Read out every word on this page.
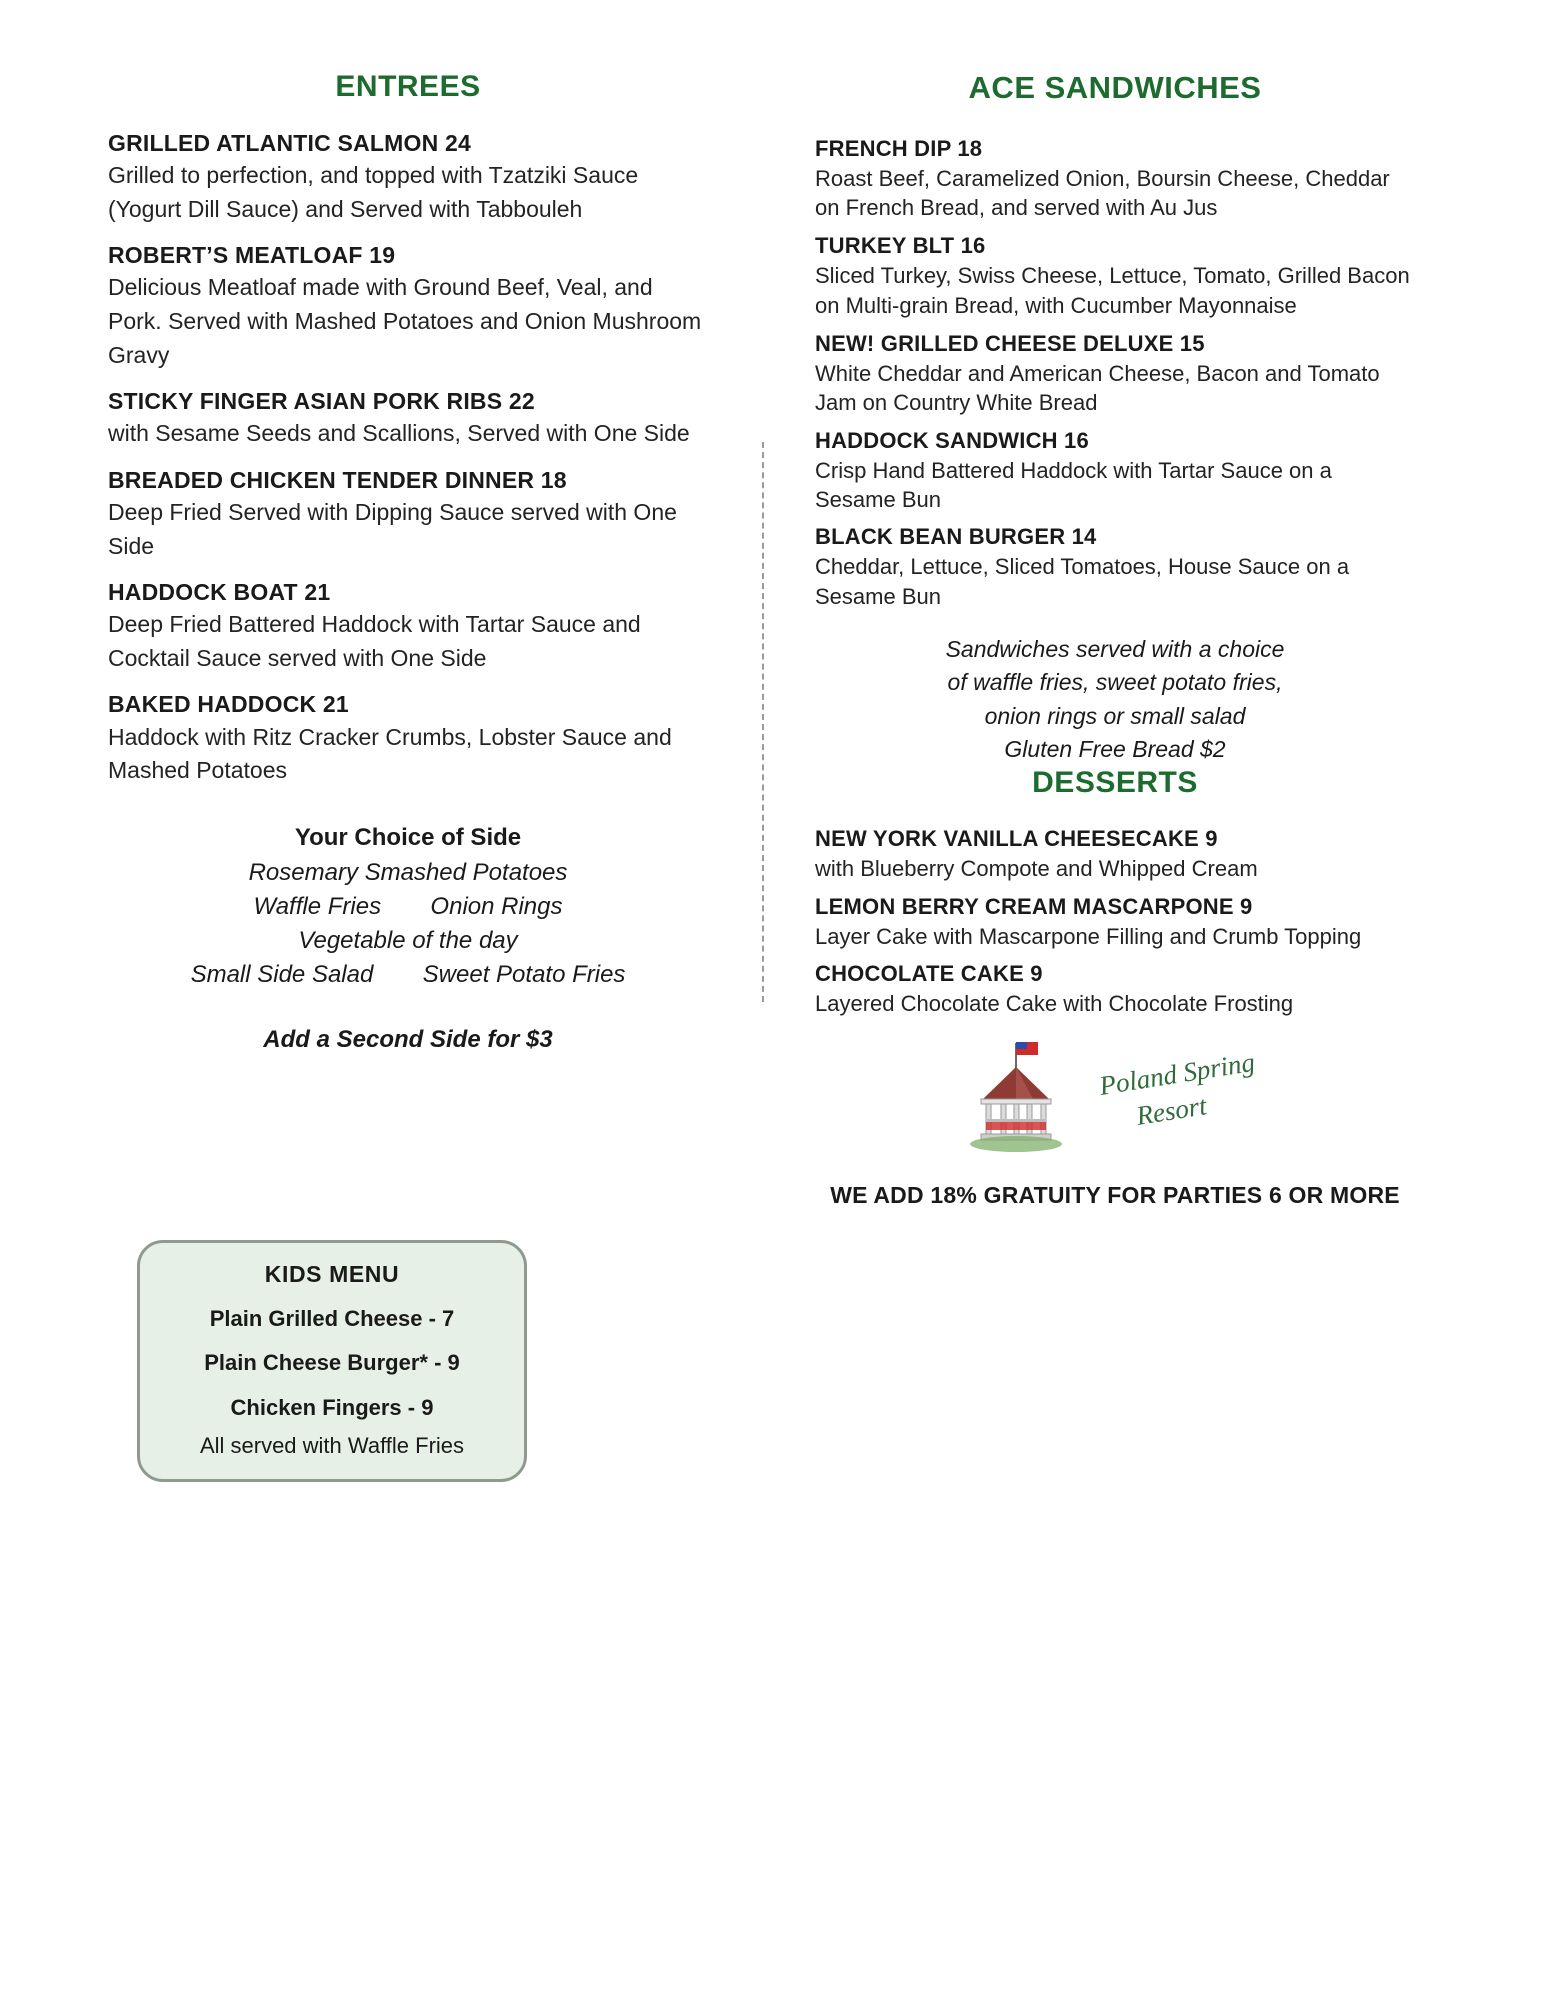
ENTREES

GRILLED ATLANTIC SALMON 24

Grilled to perfection, and topped with Tzatziki Sauce (Yogurt Dill Sauce) and Served with Tabbouleh

ROBERT’S MEATLOAF 19

Delicious Meatloaf made with Ground Beef, Veal, and Pork. Served with Mashed Potatoes and Onion Mushroom Gravy

STICKY FINGER ASIAN PORK RIBS 22

with Sesame Seeds and Scallions, Served with One Side

BREADED CHICKEN TENDER DINNER 18

Deep Fried Served with Dipping Sauce served with One Side

HADDOCK BOAT 21

Deep Fried Battered Haddock with Tartar Sauce and Cocktail Sauce served with One Side

BAKED HADDOCK 21

Haddock with Ritz Cracker Crumbs, Lobster Sauce and Mashed Potatoes

Your Choice of Side
Rosemary Smashed Potatoes
Waffle Fries Onion Rings
Vegetable of the day
Small Side Salad Sweet Potato Fries
Add a Second Side for $3
KIDS MENU
Plain Grilled Cheese - 7
Plain Cheese Burger* - 9
Chicken Fingers - 9
All served with Waffle Fries
ACE SANDWICHES

FRENCH DIP 18

Roast Beef, Caramelized Onion, Boursin Cheese, Cheddar on French Bread, and served with Au Jus

TURKEY BLT 16

Sliced Turkey, Swiss Cheese, Lettuce, Tomato, Grilled Bacon on Multi-grain Bread, with Cucumber Mayonnaise

NEW! GRILLED CHEESE DELUXE 15

White Cheddar and American Cheese, Bacon and Tomato Jam on Country White Bread

HADDOCK SANDWICH 16

Crisp Hand Battered Haddock with Tartar Sauce on a Sesame Bun

BLACK BEAN BURGER 14

Cheddar, Lettuce, Sliced Tomatoes, House Sauce on a Sesame Bun

Sandwiches served with a choice
of waffle fries, sweet potato fries,
onion rings or small salad
Gluten Free Bread $2
DESSERTS

NEW YORK VANILLA CHEESECAKE 9

with Blueberry Compote and Whipped Cream

LEMON BERRY CREAM MASCARPONE 9

Layer Cake with Mascarpone Filling and Crumb Topping

CHOCOLATE CAKE 9

Layered Chocolate Cake with Chocolate Frosting

Poland Spring
Resort
WE ADD 18% GRATUITY FOR PARTIES 6 OR MORE
